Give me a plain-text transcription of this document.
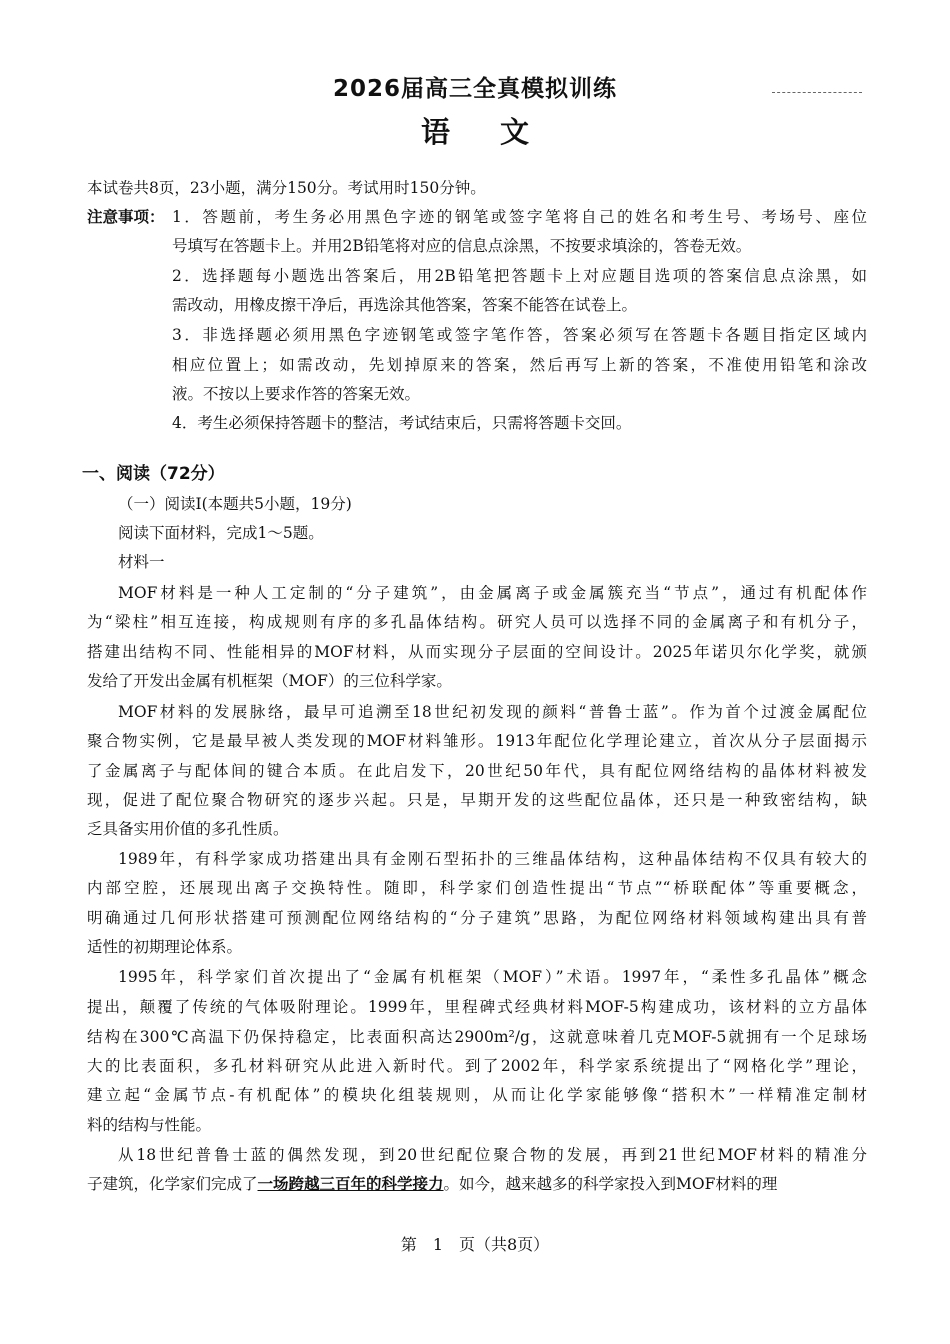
2026届高三全真模拟训练
语文
本试卷共8页，23小题，满分150分。考试用时150分钟。
注意事项： 1．答题前，考生务必用黑色字迹的钢笔或签字笔将自己的姓名和考生号、考场号、座位
号填写在答题卡上。并用2B铅笔将对应的信息点涂黑，不按要求填涂的，答卷无效。
2．选择题每小题选出答案后，用2B铅笔把答题卡上对应题目选项的答案信息点涂黑，如
需改动，用橡皮擦干净后，再选涂其他答案，答案不能答在试卷上。
3．非选择题必须用黑色字迹钢笔或签字笔作答，答案必须写在答题卡各题目指定区域内
相应位置上；如需改动，先划掉原来的答案，然后再写上新的答案，不准使用铅笔和涂改
液。不按以上要求作答的答案无效。
4．考生必须保持答题卡的整洁，考试结束后，只需将答题卡交回。
一、阅读（72分）
（一）阅读Ⅰ(本题共5小题，19分)
阅读下面材料，完成1～5题。
材料一
MOF材料是一种人工定制的“分子建筑”，由金属离子或金属簇充当“节点”，通过有机配体作
为“梁柱”相互连接，构成规则有序的多孔晶体结构。研究人员可以选择不同的金属离子和有机分子，
搭建出结构不同、性能相异的MOF材料，从而实现分子层面的空间设计。2025年诺贝尔化学奖，就颁
发给了开发出金属有机框架（MOF）的三位科学家。
MOF材料的发展脉络，最早可追溯至18世纪初发现的颜料“普鲁士蓝”。作为首个过渡金属配位
聚合物实例，它是最早被人类发现的MOF材料雏形。1913年配位化学理论建立，首次从分子层面揭示
了金属离子与配体间的键合本质。在此启发下，20世纪50年代，具有配位网络结构的晶体材料被发
现，促进了配位聚合物研究的逐步兴起。只是，早期开发的这些配位晶体，还只是一种致密结构，缺
乏具备实用价值的多孔性质。
1989年，有科学家成功搭建出具有金刚石型拓扑的三维晶体结构，这种晶体结构不仅具有较大的
内部空腔，还展现出离子交换特性。随即，科学家们创造性提出“节点”“桥联配体”等重要概念，
明确通过几何形状搭建可预测配位网络结构的“分子建筑”思路，为配位网络材料领域构建出具有普
适性的初期理论体系。
1995年，科学家们首次提出了“金属有机框架（MOF）”术语。1997年，“柔性多孔晶体”概念
提出，颠覆了传统的气体吸附理论。1999年，里程碑式经典材料MOF-5构建成功，该材料的立方晶体
结构在300℃高温下仍保持稳定，比表面积高达2900m²/g，这就意味着几克MOF-5就拥有一个足球场
大的比表面积，多孔材料研究从此进入新时代。到了2002年，科学家系统提出了“网格化学”理论，
建立起“金属节点-有机配体”的模块化组装规则，从而让化学家能够像“搭积木”一样精准定制材
料的结构与性能。
从18世纪普鲁士蓝的偶然发现，到20世纪配位聚合物的发展，再到21世纪MOF材料的精准分
子建筑，化学家们完成了一场跨越三百年的科学接力。如今，越来越多的科学家投入到MOF材料的理
第　1　页（共8页）
